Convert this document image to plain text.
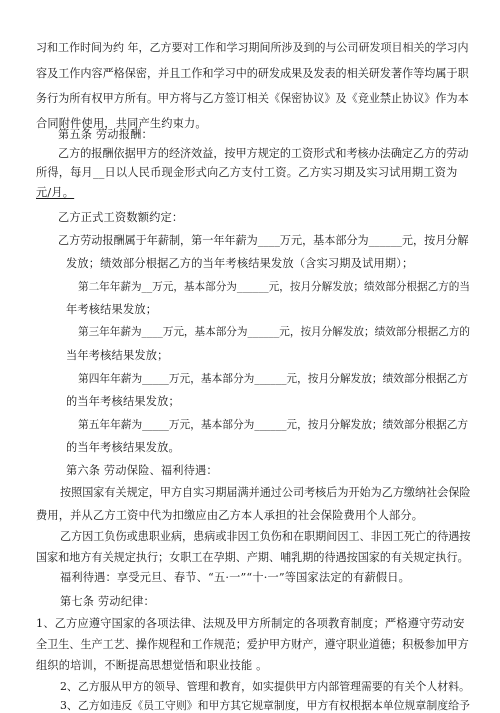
习和工作时间为约 年，乙方要对工作和学习期间所涉及到的与公司研发项目相关的学习内
容及工作内容严格保密，并且工作和学习中的研发成果及发表的相关研发著作等均属于职
务行为所有权甲方所有。甲方将与乙方签订相关《保密协议》及《竞业禁止协议》作为本
合同附件使用，共同产生约束力。
第五条 劳动报酬：
乙方的报酬依据甲方的经济效益，按甲方规定的工资形式和考核办法确定乙方的劳动
所得，每月__日以人民币现金形式向乙方支付工资。乙方实习期及实习试用期工资为
元/月。
乙方正式工资数额约定：
乙方劳动报酬属于年薪制，第一年年薪为____万元，基本部分为______元，按月分解
发放；绩效部分根据乙方的当年考核结果发放（含实习期及试用期）；
第二年年薪为__万元，基本部分为______元，按月分解发放；绩效部分根据乙方的当
年考核结果发放；
第三年年薪为____万元，基本部分为______元，按月分解发放；绩效部分根据乙方的
当年考核结果发放；
第四年年薪为_____万元，基本部分为______元，按月分解发放；绩效部分根据乙方
的当年考核结果发放；
第五年年薪为_____万元，基本部分为______元，按月分解发放；绩效部分根据乙方
的当年考核结果发放。
第六条 劳动保险、福利待遇：
按照国家有关规定，甲方自实习期届满并通过公司考核后为开始为乙方缴纳社会保险
费用，并从乙方工资中代为扣缴应由乙方本人承担的社会保险费用个人部分。
乙方因工负伤或患职业病，患病或非因工负伤和在职期间因工、非因工死亡的待遇按
国家和地方有关规定执行；女职工在孕期、产期、哺乳期的待遇按国家的有关规定执行。
福利待遇：享受元旦、春节、“五·一”“十·一”等国家法定的有薪假日。
第七条 劳动纪律：
1、乙方应遵守国家的各项法律、法规及甲方所制定的各项教育制度；严格遵守劳动安
全卫生、生产工艺、操作规程和工作规范；爱护甲方财产，遵守职业道德；积极参加甲方
组织的培训，不断提高思想觉悟和职业技能 。
2、乙方服从甲方的领导、管理和教育，如实提供甲方内部管理需要的有关个人材料。
3、乙方如违反《员工守则》和甲方其它规章制度，甲方有权根据本单位规章制度给予
